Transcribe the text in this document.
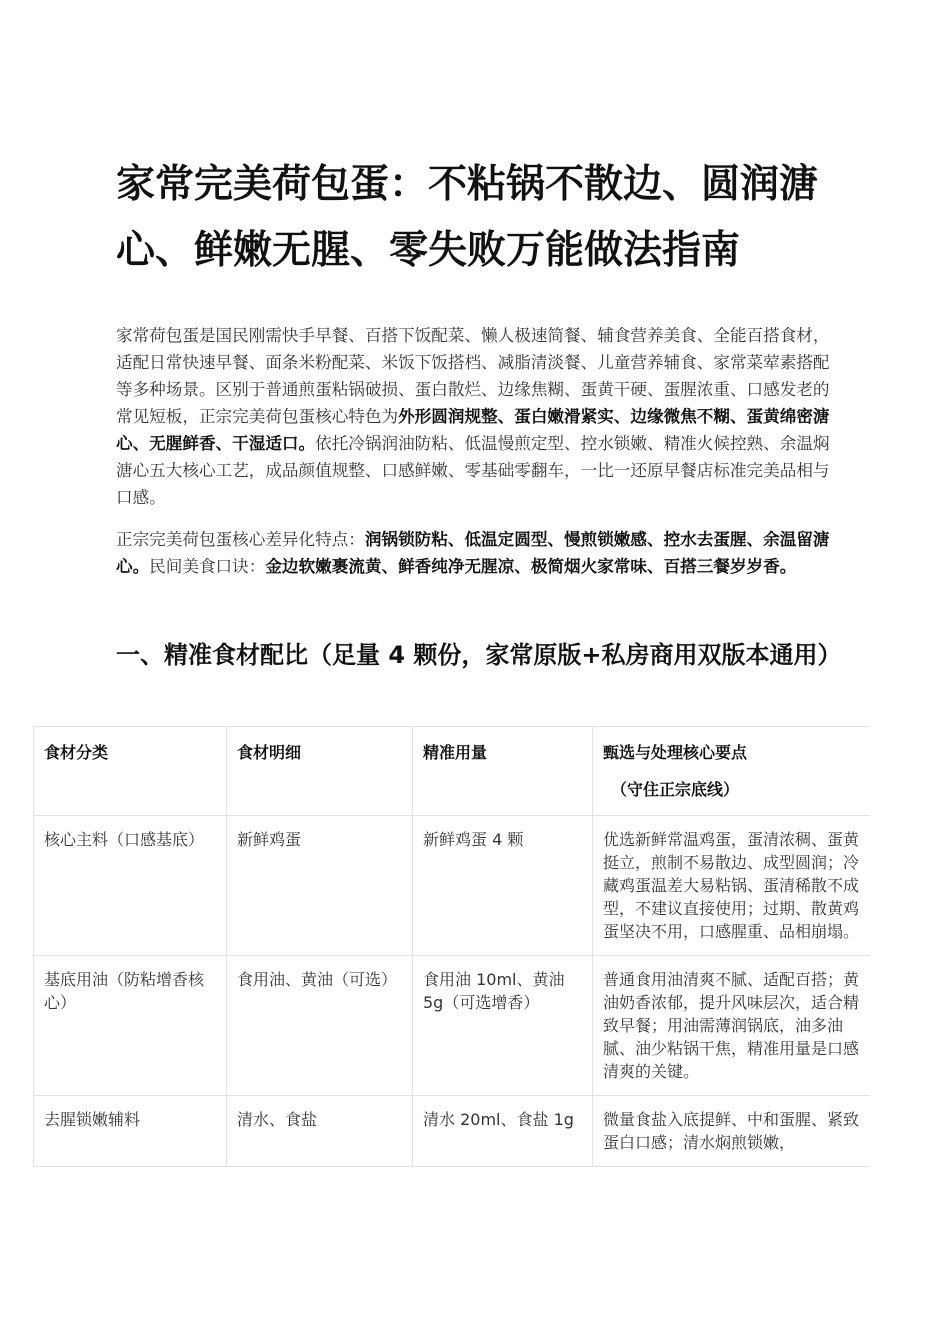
家常完美荷包蛋：不粘锅不散边、圆润溏心、鲜嫩无腥、零失败万能做法指南

家常荷包蛋是国民刚需快手早餐、百搭下饭配菜、懒人极速简餐、辅食营养美食、全能百搭食材，适配日常快速早餐、面条米粉配菜、米饭下饭搭档、减脂清淡餐、儿童营养辅食、家常菜荤素搭配等多种场景。区别于普通煎蛋粘锅破损、蛋白散烂、边缘焦糊、蛋黄干硬、蛋腥浓重、口感发老的常见短板，正宗完美荷包蛋核心特色为外形圆润规整、蛋白嫩滑紧实、边缘微焦不糊、蛋黄绵密溏心、无腥鲜香、干湿适口。依托冷锅润油防粘、低温慢煎定型、控水锁嫩、精准火候控熟、余温焖溏心五大核心工艺，成品颜值规整、口感鲜嫩、零基础零翻车，一比一还原早餐店标准完美品相与口感。

正宗完美荷包蛋核心差异化特点：润锅锁防粘、低温定圆型、慢煎锁嫩感、控水去蛋腥、余温留溏心。民间美食口诀：金边软嫩裹流黄、鲜香纯净无腥凉、极简烟火家常味、百搭三餐岁岁香。

一、精准食材配比（足量 4 颗份，家常原版+私房商用双版本通用）
食材分类	食材明细	精准用量	甄选与处理核心要点
（守住正宗底线）

核心主料（口感基底）	新鲜鸡蛋	新鲜鸡蛋 4 颗	优选新鲜常温鸡蛋，蛋清浓稠、蛋黄挺立，煎制不易散边、成型圆润；冷藏鸡蛋温差大易粘锅、蛋清稀散不成型，不建议直接使用；过期、散黄鸡蛋坚决不用，口感腥重、品相崩塌。
基底用油（防粘增香核心）	食用油、黄油（可选）	食用油 10ml、黄油 5g（可选增香）	普通食用油清爽不腻、适配百搭；黄油奶香浓郁，提升风味层次，适合精致早餐；用油需薄润锅底，油多油腻、油少粘锅干焦，精准用量是口感清爽的关键。
去腥锁嫩辅料	清水、食盐	清水 20ml、食盐 1g	微量食盐入底提鲜、中和蛋腥、紧致蛋白口感；清水焖煎锁嫩，
